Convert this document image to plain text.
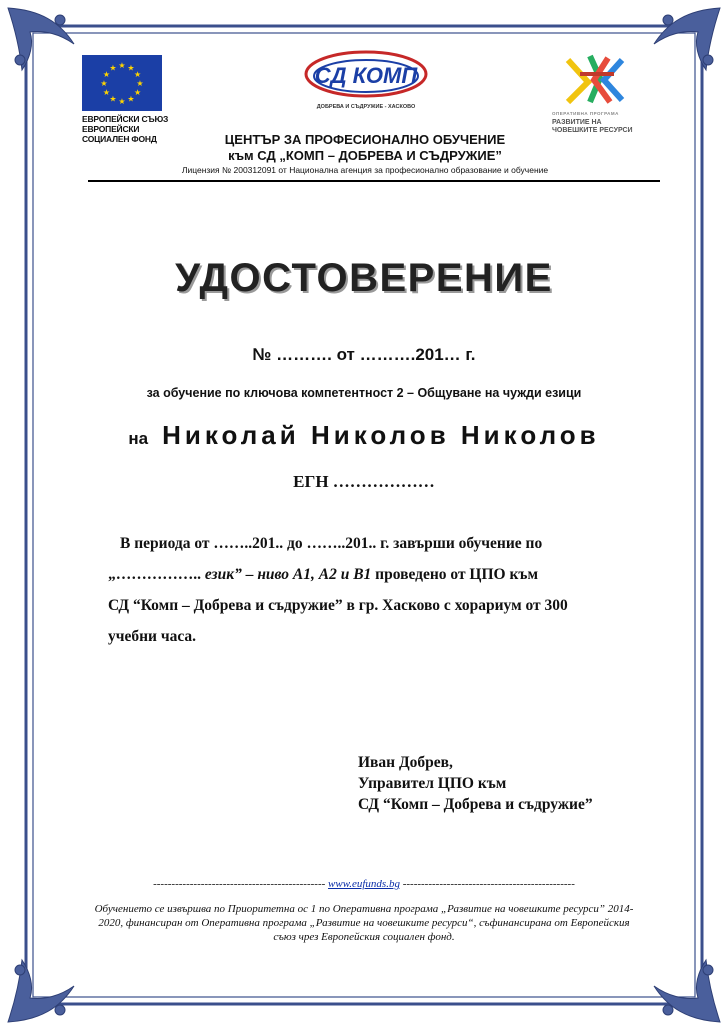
★
★
★
★
★
★
★
★
★ ★ ★
★
ЕВРОПЕЙСКИ СЪЮЗ
ЕВРОПЕЙСКИ
СОЦИАЛЕН ФОНД
СД КОМП
ДОБРЕВА И СЪДРУЖИЕ - ХАСКОВО
ОПЕРАТИВНА ПРОГРАМА
РАЗВИТИЕ НА
ЧОВЕШКИТЕ РЕСУРСИ
ЦЕНТЪР ЗА ПРОФЕСИОНАЛНО ОБУЧЕНИЕ
към СД „КОМП – ДОБРЕВА И СЪДРУЖИЕ”
Лицензия № 200312091 от Национална агенция за професионално образование и обучение
УДОСТОВЕРЕНИЕ
№ ………. от ……….201… г.
за обучение по ключова компетентност 2 – Общуване на чужди езици
на Николай Николов Николов
ЕГН ………………
В периода от ……..201.. до ……..201.. г. завърши обучение по
„…………….. език” – ниво А1, А2 и В1 проведено от ЦПО към
СД “Комп – Добрева и съдружие” в гр. Хасково с хорариум от 300
учебни часа.
Иван Добрев,
Управител ЦПО към
СД “Комп – Добрева и съдружие”
----------------------------------------------- www.eufunds.bg -----------------------------------------------
Обучението се извършва по Приоритетна ос 1 по Оперативна програма „Развитие на човешките ресурси” 2014-2020, финансиран от Оперативна програма „Развитие на човешките ресурси“, съфинансирана от Европейския съюз чрез Европейския социален фонд.
